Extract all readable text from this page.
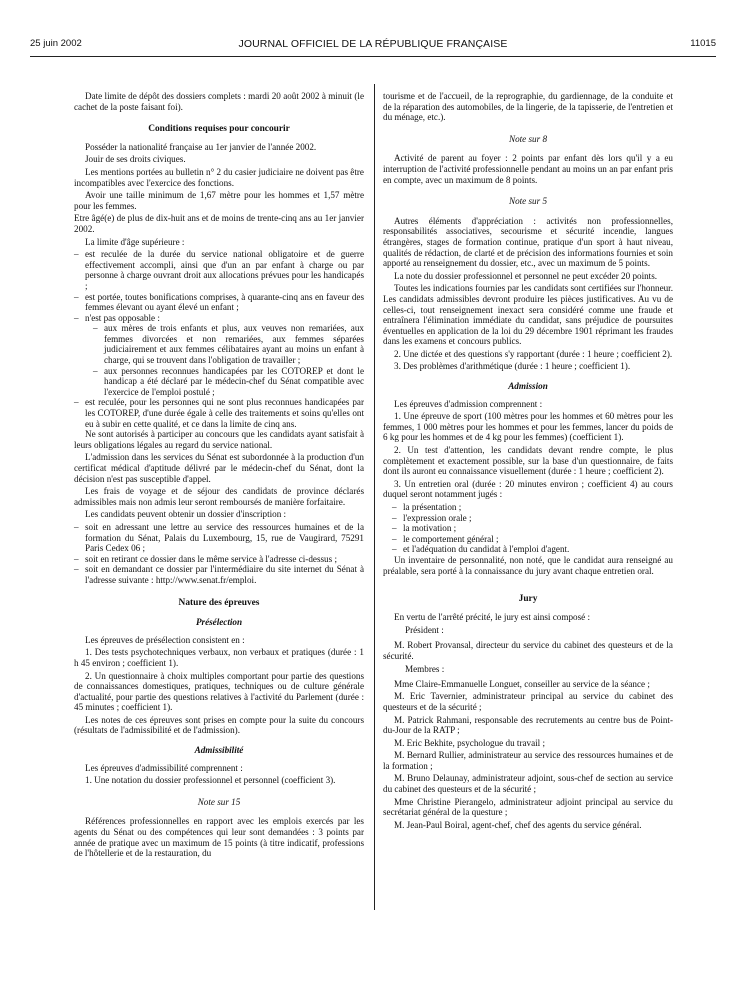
25 juin 2002	JOURNAL OFFICIEL DE LA RÉPUBLIQUE FRANÇAISE	11015

Date limite de dépôt des dossiers complets : mardi 20 août 2002 à minuit (le cachet de la poste faisant foi).

Conditions requises pour concourir

Posséder la nationalité française au 1er janvier de l'année 2002.

Jouir de ses droits civiques.

Les mentions portées au bulletin n° 2 du casier judiciaire ne doivent pas être incompatibles avec l'exercice des fonctions.

Avoir une taille minimum de 1,67 mètre pour les hommes et 1,57 mètre pour les femmes.

Etre âgé(e) de plus de dix-huit ans et de moins de trente-cinq ans au 1er janvier 2002.

La limite d'âge supérieure :

– est reculée de la durée du service national obligatoire et de guerre effectivement accompli, ainsi que d'un an par enfant à charge ou par personne à charge ouvrant droit aux allocations prévues pour les handicapés ;
– est portée, toutes bonifications comprises, à quarante-cinq ans en faveur des femmes élevant ou ayant élevé un enfant ;
– n'est pas opposable :
– aux mères de trois enfants et plus, aux veuves non remariées, aux femmes divorcées et non remariées, aux femmes séparées judiciairement et aux femmes célibataires ayant au moins un enfant à charge, qui se trouvent dans l'obligation de travailler ;
– aux personnes reconnues handicapées par les COTOREP et dont le handicap a été déclaré par le médecin-chef du Sénat compatible avec l'exercice de l'emploi postulé ;
– est reculée, pour les personnes qui ne sont plus reconnues handicapées par les COTOREP, d'une durée égale à celle des traitements et soins qu'elles ont eu à subir en cette qualité, et ce dans la limite de cinq ans.

Ne sont autorisés à participer au concours que les candidats ayant satisfait à leurs obligations légales au regard du service national.

L'admission dans les services du Sénat est subordonnée à la production d'un certificat médical d'aptitude délivré par le médecin-chef du Sénat, dont la décision n'est pas susceptible d'appel.

Les frais de voyage et de séjour des candidats de province déclarés admissibles mais non admis leur seront remboursés de manière forfaitaire.

Les candidats peuvent obtenir un dossier d'inscription :

– soit en adressant une lettre au service des ressources humaines et de la formation du Sénat, Palais du Luxembourg, 15, rue de Vaugirard, 75291 Paris Cedex 06 ;
– soit en retirant ce dossier dans le même service à l'adresse ci-dessus ;
– soit en demandant ce dossier par l'intermédiaire du site internet du Sénat à l'adresse suivante : http://www.senat.fr/emploi.
Nature des épreuves
Présélection

Les épreuves de présélection consistent en :

1. Des tests psychotechniques verbaux, non verbaux et pratiques (durée : 1 h 45 environ ; coefficient 1).

2. Un questionnaire à choix multiples comportant pour partie des questions de connaissances domestiques, pratiques, techniques ou de culture générale d'actualité, pour partie des questions relatives à l'activité du Parlement (durée : 45 minutes ; coefficient 1).

Les notes de ces épreuves sont prises en compte pour la suite du concours (résultats de l'admissibilité et de l'admission).

Admissibilité

Les épreuves d'admissibilité comprennent :

1. Une notation du dossier professionnel et personnel (coefficient 3).

Note sur 15

Références professionnelles en rapport avec les emplois exercés par les agents du Sénat ou des compétences qui leur sont demandées : 3 points par année de pratique avec un maximum de 15 points (à titre indicatif, professions de l'hôtellerie et de la restauration, du

tourisme et de l'accueil, de la reprographie, du gardiennage, de la conduite et de la réparation des automobiles, de la lingerie, de la tapisserie, de l'entretien et du ménage, etc.).

Note sur 8

Activité de parent au foyer : 2 points par enfant dès lors qu'il y a eu interruption de l'activité professionnelle pendant au moins un an par enfant pris en compte, avec un maximum de 8 points.

Note sur 5

Autres éléments d'appréciation : activités non professionnelles, responsabilités associatives, secourisme et sécurité incendie, langues étrangères, stages de formation continue, pratique d'un sport à haut niveau, qualités de rédaction, de clarté et de précision des informations fournies et soin apporté au renseignement du dossier, etc., avec un maximum de 5 points.

La note du dossier professionnel et personnel ne peut excéder 20 points.

Toutes les indications fournies par les candidats sont certifiées sur l'honneur. Les candidats admissibles devront produire les pièces justificatives. Au vu de celles-ci, tout renseignement inexact sera considéré comme une fraude et entraînera l'élimination immédiate du candidat, sans préjudice de poursuites éventuelles en application de la loi du 29 décembre 1901 réprimant les fraudes dans les examens et concours publics.

2. Une dictée et des questions s'y rapportant (durée : 1 heure ; coefficient 2).

3. Des problèmes d'arithmétique (durée : 1 heure ; coefficient 1).

Admission

Les épreuves d'admission comprennent :

1. Une épreuve de sport (100 mètres pour les hommes et 60 mètres pour les femmes, 1 000 mètres pour les hommes et pour les femmes, lancer du poids de 6 kg pour les hommes et de 4 kg pour les femmes) (coefficient 1).

2. Un test d'attention, les candidats devant rendre compte, le plus complètement et exactement possible, sur la base d'un questionnaire, de faits dont ils auront eu connaissance visuellement (durée : 1 heure ; coefficient 2).

3. Un entretien oral (durée : 20 minutes environ ; coefficient 4) au cours duquel seront notamment jugés :

– la présentation ;
– l'expression orale ;
– la motivation ;
– le comportement général ;
– et l'adéquation du candidat à l'emploi d'agent.

Un inventaire de personnalité, non noté, que le candidat aura renseigné au préalable, sera porté à la connaissance du jury avant chaque entretien oral.

Jury

En vertu de l'arrêté précité, le jury est ainsi composé :

Président :

M. Robert Provansal, directeur du service du cabinet des questeurs et de la sécurité.

Membres :

Mme Claire-Emmanuelle Longuet, conseiller au service de la séance ;

M. Eric Tavernier, administrateur principal au service du cabinet des questeurs et de la sécurité ;

M. Patrick Rahmani, responsable des recrutements au centre bus de Point-du-Jour de la RATP ;

M. Eric Bekhite, psychologue du travail ;

M. Bernard Rullier, administrateur au service des ressources humaines et de la formation ;

M. Bruno Delaunay, administrateur adjoint, sous-chef de section au service du cabinet des questeurs et de la sécurité ;

Mme Christine Pierangelo, administrateur adjoint principal au service du secrétariat général de la questure ;

M. Jean-Paul Boiral, agent-chef, chef des agents du service général.
